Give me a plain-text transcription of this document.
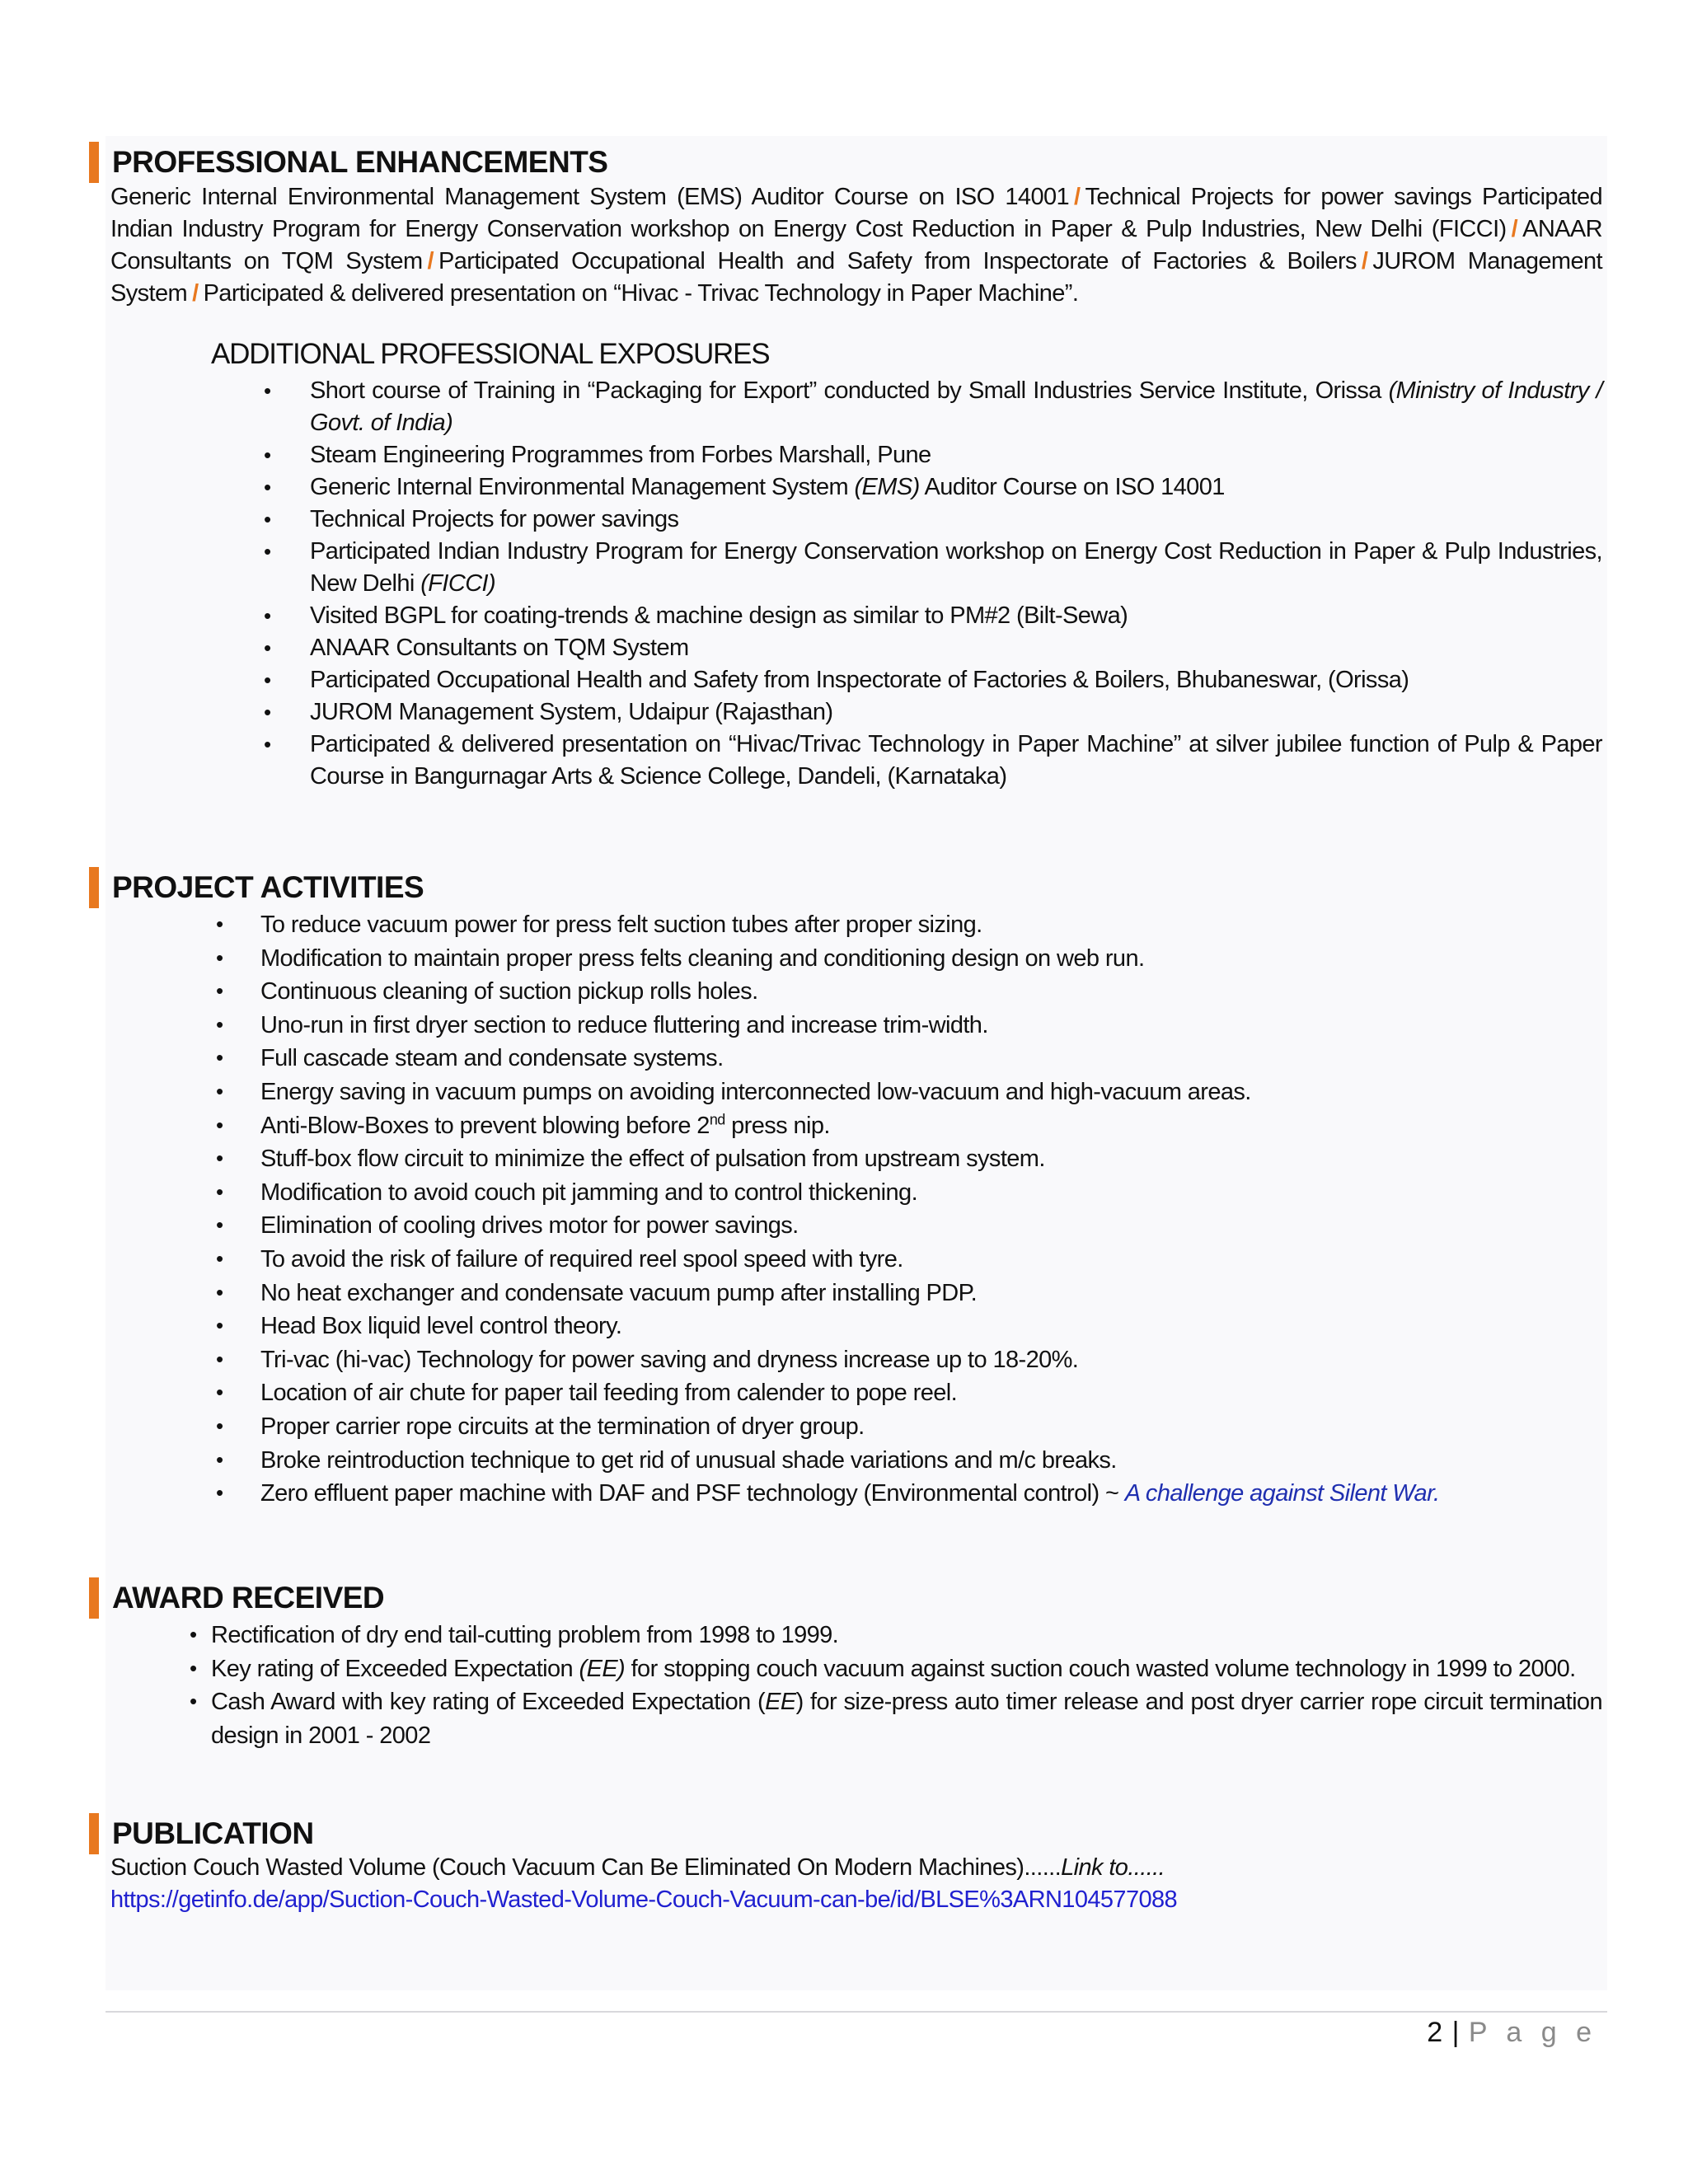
PROFESSIONAL ENHANCEMENTS
Generic Internal Environmental Management System (EMS) Auditor Course on ISO 14001 / Technical Projects for power savings Participated Indian Industry Program for Energy Conservation workshop on Energy Cost Reduction in Paper & Pulp Industries, New Delhi (FICCI) / ANAAR Consultants on TQM System / Participated Occupational Health and Safety from Inspectorate of Factories & Boilers / JUROM Management System / Participated & delivered presentation on “Hivac - Trivac Technology in Paper Machine”.
ADDITIONAL PROFESSIONAL EXPOSURES
• Short course of Training in “Packaging for Export” conducted by Small Industries Service Institute, Orissa (Ministry of Industry / Govt. of India)
• Steam Engineering Programmes from Forbes Marshall, Pune
• Generic Internal Environmental Management System (EMS) Auditor Course on ISO 14001
• Technical Projects for power savings
• Participated Indian Industry Program for Energy Conservation workshop on Energy Cost Reduction in Paper & Pulp Industries, New Delhi (FICCI)
• Visited BGPL for coating-trends & machine design as similar to PM#2 (Bilt-Sewa)
• ANAAR Consultants on TQM System
• Participated Occupational Health and Safety from Inspectorate of Factories & Boilers, Bhubaneswar, (Orissa)
• JUROM Management System, Udaipur (Rajasthan)
• Participated & delivered presentation on “Hivac/Trivac Technology in Paper Machine” at silver jubilee function of Pulp & Paper Course in Bangurnagar Arts & Science College, Dandeli, (Karnataka)
PROJECT ACTIVITIES
• To reduce vacuum power for press felt suction tubes after proper sizing.
• Modification to maintain proper press felts cleaning and conditioning design on web run.
• Continuous cleaning of suction pickup rolls holes.
• Uno-run in first dryer section to reduce fluttering and increase trim-width.
• Full cascade steam and condensate systems.
• Energy saving in vacuum pumps on avoiding interconnected low-vacuum and high-vacuum areas.
• Anti-Blow-Boxes to prevent blowing before 2nd press nip.
• Stuff-box flow circuit to minimize the effect of pulsation from upstream system.
• Modification to avoid couch pit jamming and to control thickening.
• Elimination of cooling drives motor for power savings.
• To avoid the risk of failure of required reel spool speed with tyre.
• No heat exchanger and condensate vacuum pump after installing PDP.
• Head Box liquid level control theory.
• Tri-vac (hi-vac) Technology for power saving and dryness increase up to 18-20%.
• Location of air chute for paper tail feeding from calender to pope reel.
• Proper carrier rope circuits at the termination of dryer group.
• Broke reintroduction technique to get rid of unusual shade variations and m/c breaks.
• Zero effluent paper machine with DAF and PSF technology (Environmental control) ~ A challenge against Silent War.
AWARD RECEIVED
• Rectification of dry end tail-cutting problem from 1998 to 1999.
• Key rating of Exceeded Expectation (EE) for stopping couch vacuum against suction couch wasted volume technology in 1999 to 2000.
• Cash Award with key rating of Exceeded Expectation (EE) for size-press auto timer release and post dryer carrier rope circuit termination design in 2001 - 2002
PUBLICATION
Suction Couch Wasted Volume (Couch Vacuum Can Be Eliminated On Modern Machines)......Link to......
https://getinfo.de/app/Suction-Couch-Wasted-Volume-Couch-Vacuum-can-be/id/BLSE%3ARN104577088
2 | P a g e
